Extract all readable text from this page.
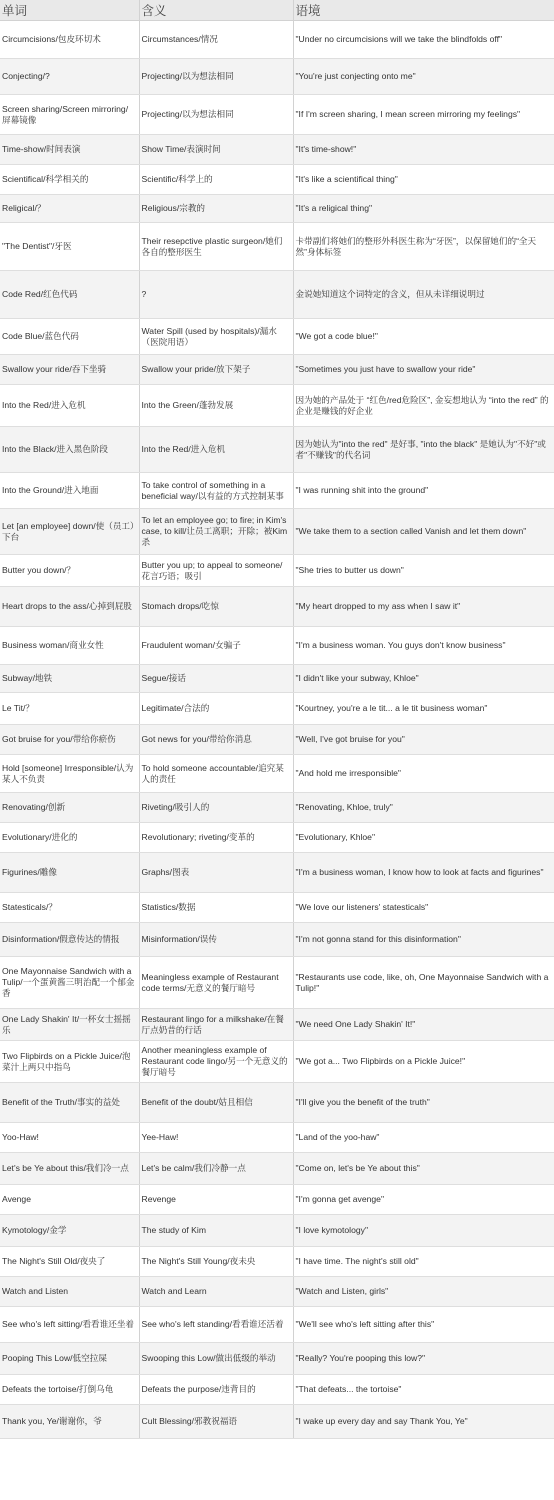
单词	含义	语境
Circumcisions/包皮环切术	Circumstances/情况	"Under no circumcisions will we take the blindfolds off"
Conjecting/?	Projecting/以为想法相同	"You're just conjecting onto me"
Screen sharing/Screen mirroring/屏幕镜像	Projecting/以为想法相同	"If I'm screen sharing, I mean screen mirroring my feelings"
Time-show/时间表演	Show Time/表演时间	"It's time-show!"
Scientifical/科学相关的	Scientific/科学上的	"It's like a scientifical thing"
Religical/？	Religious/宗教的	"It's a religical thing"
"The Dentist"/牙医	Their resepctive plastic surgeon/她们各自的整形医生	卡带副们将她们的整形外科医生称为“牙医”，以保留她们的“全天然”身体标签
Code Red/红色代码	?	金说她知道这个词特定的含义，但从未详细说明过
Code Blue/蓝色代码	Water Spill (used by hospitals)/漏水（医院用语）	"We got a code blue!"
Swallow your ride/吞下坐骑	Swallow your pride/放下架子	"Sometimes you just have to swallow your ride"
Into the Red/进入危机	Into the Green/蓬勃发展	因为她的产品处于 “红色/red危险区”, 金妄想地认为 “into the red” 的企业是赚钱的好企业
Into the Black/进入黑色阶段	Into the Red/进入危机	因为她认为"into the red" 是好事, "into the black" 是她认为"不好"或者"不赚钱"的代名词
Into the Ground/进入地面	To take control of something in a beneficial way/以有益的方式控制某事	"I was running shit into the ground"
Let [an employee] down/使（员工）下台	To let an employee go; to fire; in Kim's case, to kill/让员工离职；开除；被Kim杀	"We take them to a section called Vanish and let them down"
Butter you down/？	Butter you up; to appeal to someone/花言巧语；吸引	"She tries to butter us down"
Heart drops to the ass/心掉到屁股	Stomach drops/吃惊	"My heart dropped to my ass when I saw it"
Business woman/商业女性	Fraudulent woman/女骗子	"I'm a business woman. You guys don't know business"
Subway/地铁	Segue/接话	"I didn't like your subway, Khloe"
Le Tit/？	Legitimate/合法的	"Kourtney, you're a le tit... a le tit business woman"
Got bruise for you/带给你瘀伤	Got news for you/带给你消息	"Well, I've got bruise for you"
Hold [someone] Irresponsible/认为某人不负责	To hold someone accountable/追究某人的责任	"And hold me irresponsible"
Renovating/创新	Riveting/吸引人的	"Renovating, Khloe, truly"
Evolutionary/进化的	Revolutionary; riveting/变革的	"Evolutionary, Khloe"
Figurines/雕像	Graphs/图表	"I'm a business woman, I know how to look at facts and figurines"
Statesticals/？	Statistics/数据	"We love our listeners' statesticals"
Disinformation/假意传达的情报	Misinformation/误传	"I'm not gonna stand for this disinformation"
One Mayonnaise Sandwich with a Tulip/一个蛋黄酱三明治配一个郁金香	Meaningless example of Restaurant code terms/无意义的餐厅暗号	"Restaurants use code, like, oh, One Mayonnaise Sandwich with a Tulip!"
One Lady Shakin' It/一杯女士摇摇乐	Restaurant lingo for a milkshake/在餐厅点奶昔的行话	"We need One Lady Shakin' It!"
Two Flipbirds on a Pickle Juice/泡菜汁上两只中指鸟	Another meaningless example of Restaurant code lingo/另一个无意义的餐厅暗号	"We got a... Two Flipbirds on a Pickle Juice!"
Benefit of the Truth/事实的益处	Benefit of the doubt/姑且相信	"I'll give you the benefit of the truth"
Yoo-Haw!	Yee-Haw!	"Land of the yoo-haw"
Let's be Ye about this/我们冷一点	Let's be calm/我们冷静一点	"Come on, let's be Ye about this"
Avenge	Revenge	"I'm gonna get avenge"
Kymotology/金学	The study of Kim	"I love kymotology"
The Night's Still Old/夜央了	The Night's Still Young/夜未央	"I have time. The night's still old"
Watch and Listen	Watch and Learn	"Watch and Listen, girls"
See who's left sitting/看看谁还坐着	See who's left standing/看看谁还活着	"We'll see who's left sitting after this"
Pooping This Low/低空拉屎	Swooping this Low/做出低级的举动	"Really? You're pooping this low?"
Defeats the tortoise/打倒乌龟	Defeats the purpose/违背目的	"That defeats... the tortoise"
Thank you, Ye/谢谢你，爷	Cult Blessing/邪教祝福语	"I wake up every day and say Thank You, Ye"
